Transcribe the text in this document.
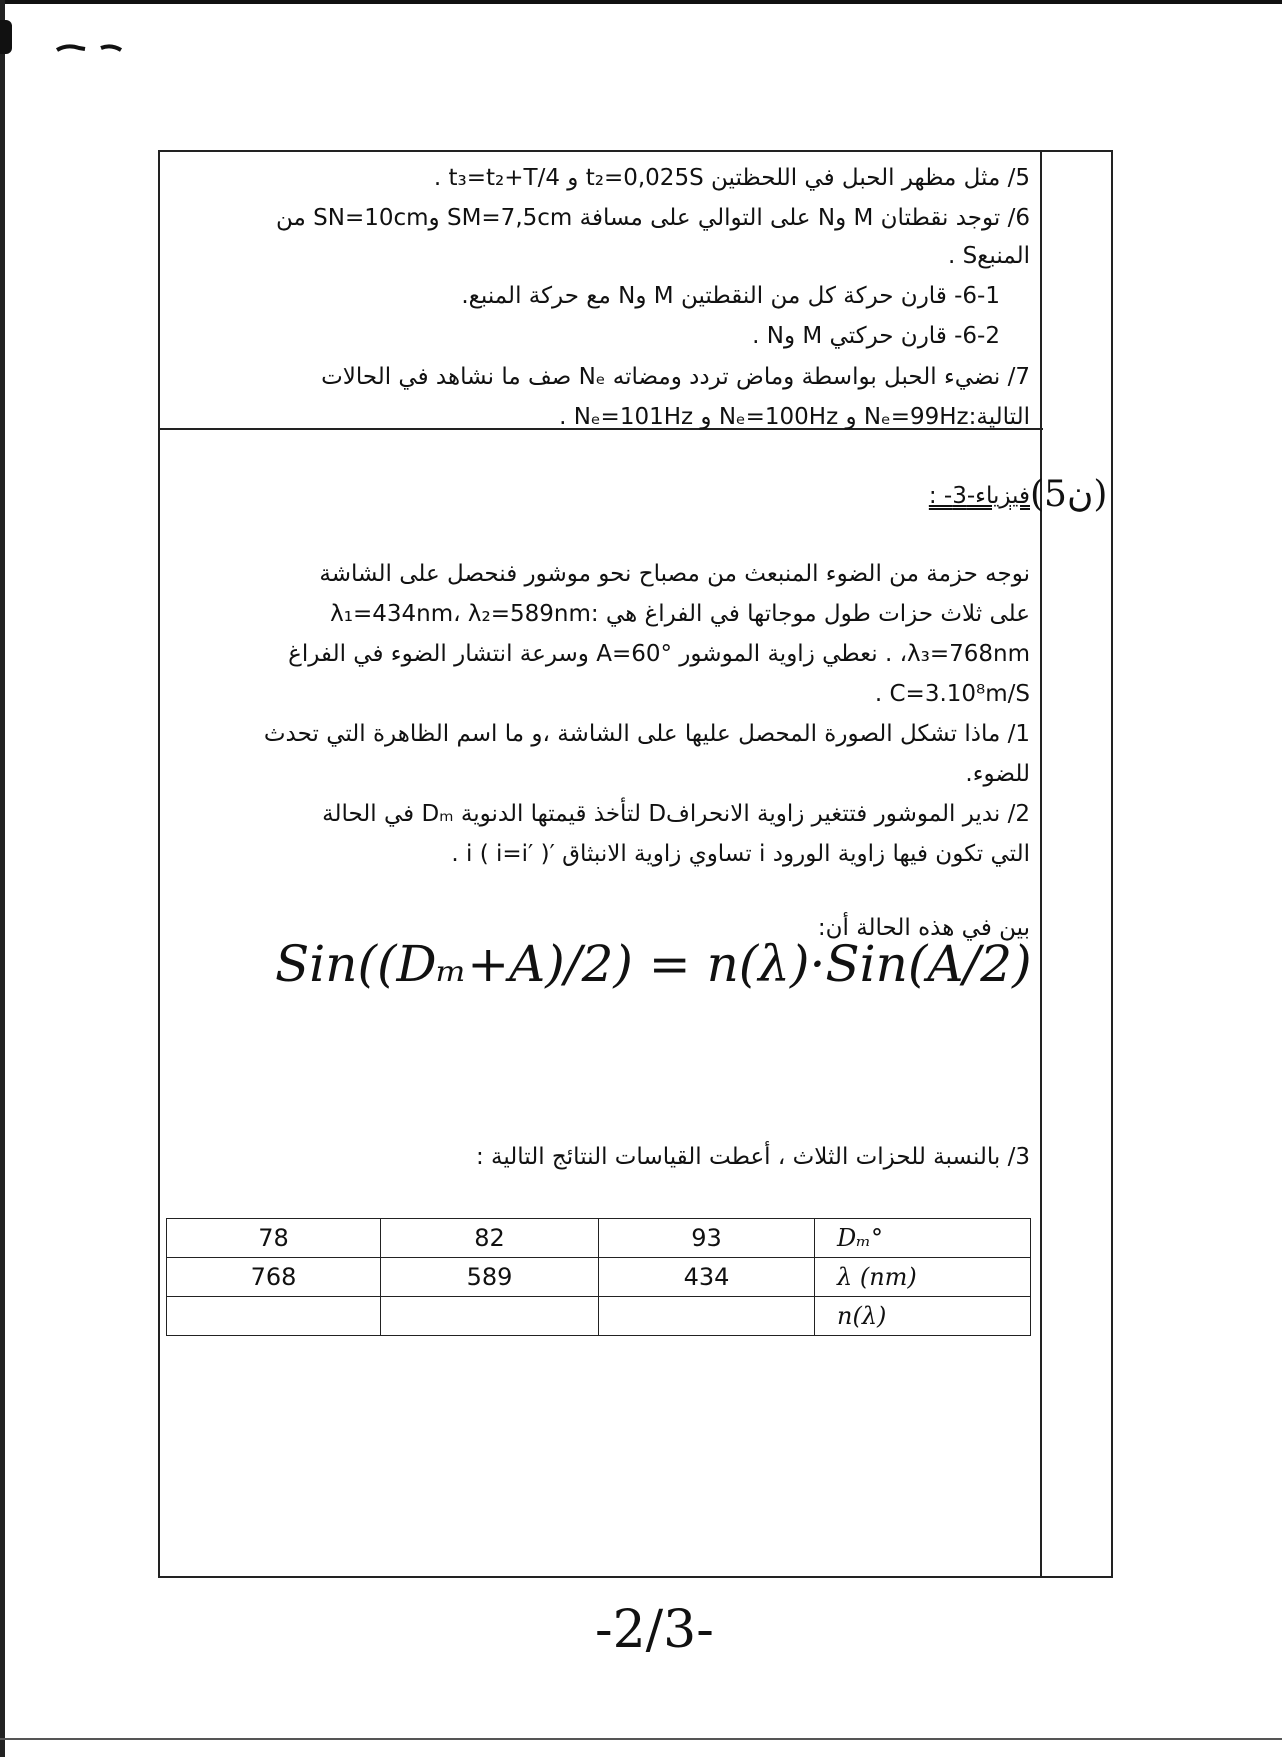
5/ مثل مظهر الحبل في اللحظتين t₂=0,025S و t₃=t₂+T/4 .
6/ توجد نقطتان M وN على التوالي على مسافة SM=7,5cm وSN=10cm من
المنبعS .
6-1- قارن حركة كل من النقطتين M وN مع حركة المنبع.
6-2- قارن حركتي M وN .
7/ نضيء الحبل بواسطة وماض تردد ومضاته Nₑ صف ما نشاهد في الحالات
التالية:Nₑ=99Hz و Nₑ=100Hz و Nₑ=101Hz .
(ن5)
فيزياء-3- :
نوجه حزمة من الضوء المنبعث من مصباح نحو موشور فنحصل على الشاشة
على ثلاث حزات طول موجاتها في الفراغ هي :λ₁=434nm، λ₂=589nm
λ₃=768nm، . نعطي زاوية الموشور A=60° وسرعة انتشار الضوء في الفراغ
C=3.10⁸m/S .
1/ ماذا تشكل الصورة المحصل عليها على الشاشة ،و ما اسم الظاهرة التي تحدث
للضوء.
2/ ندير الموشور فتتغير زاوية الانحرافD لتأخذ قيمتها الدنوية Dₘ في الحالة
التي تكون فيها زاوية الورود i تساوي زاوية الانبثاق ′i ( i=i′ ) .
بين في هذه الحالة أن:
Sin((Dₘ+A)/2) = n(λ)·Sin(A/2)
3/ بالنسبة للحزات الثلاث ، أعطت القياسات النتائج التالية :
78	82	93	Dₘ°
768	589	434	λ (nm)
			n(λ)
-2/3-
